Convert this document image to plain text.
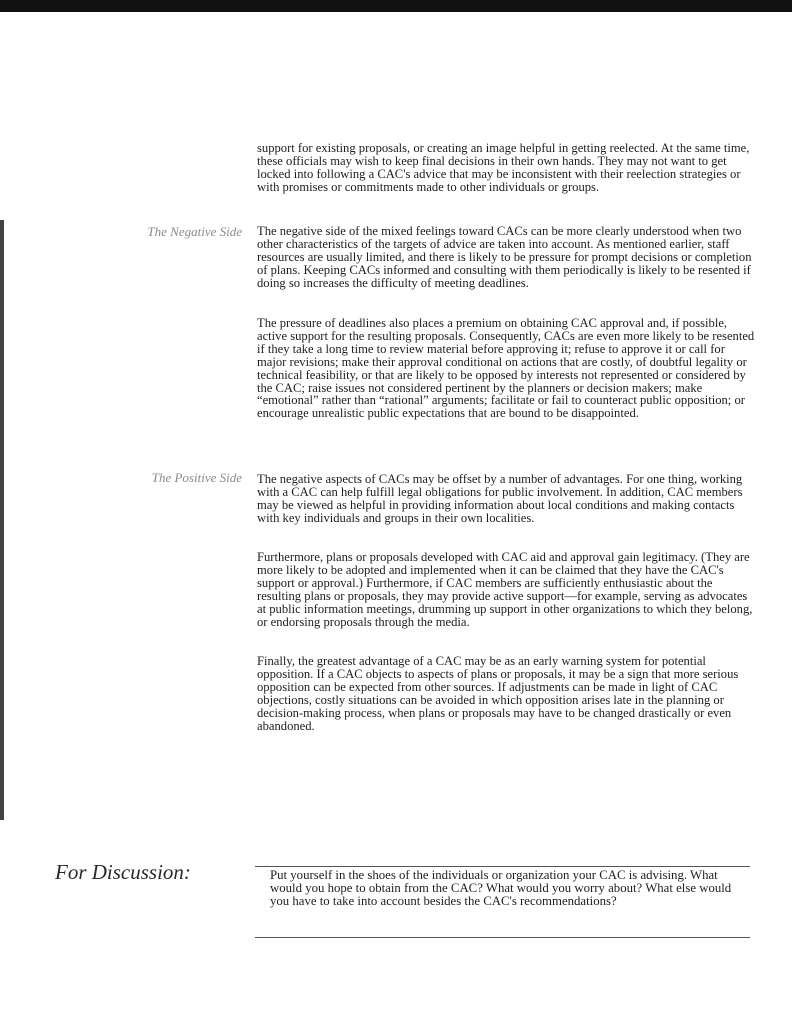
support for existing proposals, or creating an image helpful in getting reelected. At the same time, these officials may wish to keep final decisions in their own hands. They may not want to get locked into following a CAC's advice that may be inconsistent with their reelection strategies or with promises or commitments made to other individuals or groups.

The Negative Side The negative side of the mixed feelings toward CACs can be more clearly understood when two other characteristics of the targets of advice are taken into account. As mentioned earlier, staff resources are usually limited, and there is likely to be pressure for prompt decisions or completion of plans. Keeping CACs informed and consulting with them periodically is likely to be resented if doing so increases the difficulty of meeting deadlines.

The pressure of deadlines also places a premium on obtaining CAC approval and, if possible, active support for the resulting proposals. Consequently, CACs are even more likely to be resented if they take a long time to review material before approving it; refuse to approve it or call for major revisions; make their approval conditional on actions that are costly, of doubtful legality or technical feasibility, or that are likely to be opposed by interests not represented or considered by the CAC; raise issues not considered pertinent by the planners or decision makers; make “emotional” rather than “rational” arguments; facilitate or fail to counteract public opposition; or encourage unrealistic public expectations that are bound to be disappointed.

The Positive Side The negative aspects of CACs may be offset by a number of advantages. For one thing, working with a CAC can help fulfill legal obligations for public involvement. In addition, CAC members may be viewed as helpful in providing information about local conditions and making contacts with key individuals and groups in their own localities.

Furthermore, plans or proposals developed with CAC aid and approval gain legitimacy. (They are more likely to be adopted and implemented when it can be claimed that they have the CAC's support or approval.) Furthermore, if CAC members are sufficiently enthusiastic about the resulting plans or proposals, they may provide active support—for example, serving as advocates at public information meetings, drumming up support in other organizations to which they belong, or endorsing proposals through the media.

Finally, the greatest advantage of a CAC may be as an early warning system for potential opposition. If a CAC objects to aspects of plans or proposals, it may be a sign that more serious opposition can be expected from other sources. If adjustments can be made in light of CAC objections, costly situations can be avoided in which opposition arises late in the planning or decision-making process, when plans or proposals may have to be changed drastically or even abandoned.

For Discussion:	Put yourself in the shoes of the individuals or organization your CAC is advising. What would you hope to obtain from the CAC? What would you worry about? What else would you have to take into account besides the CAC's recommendations?
